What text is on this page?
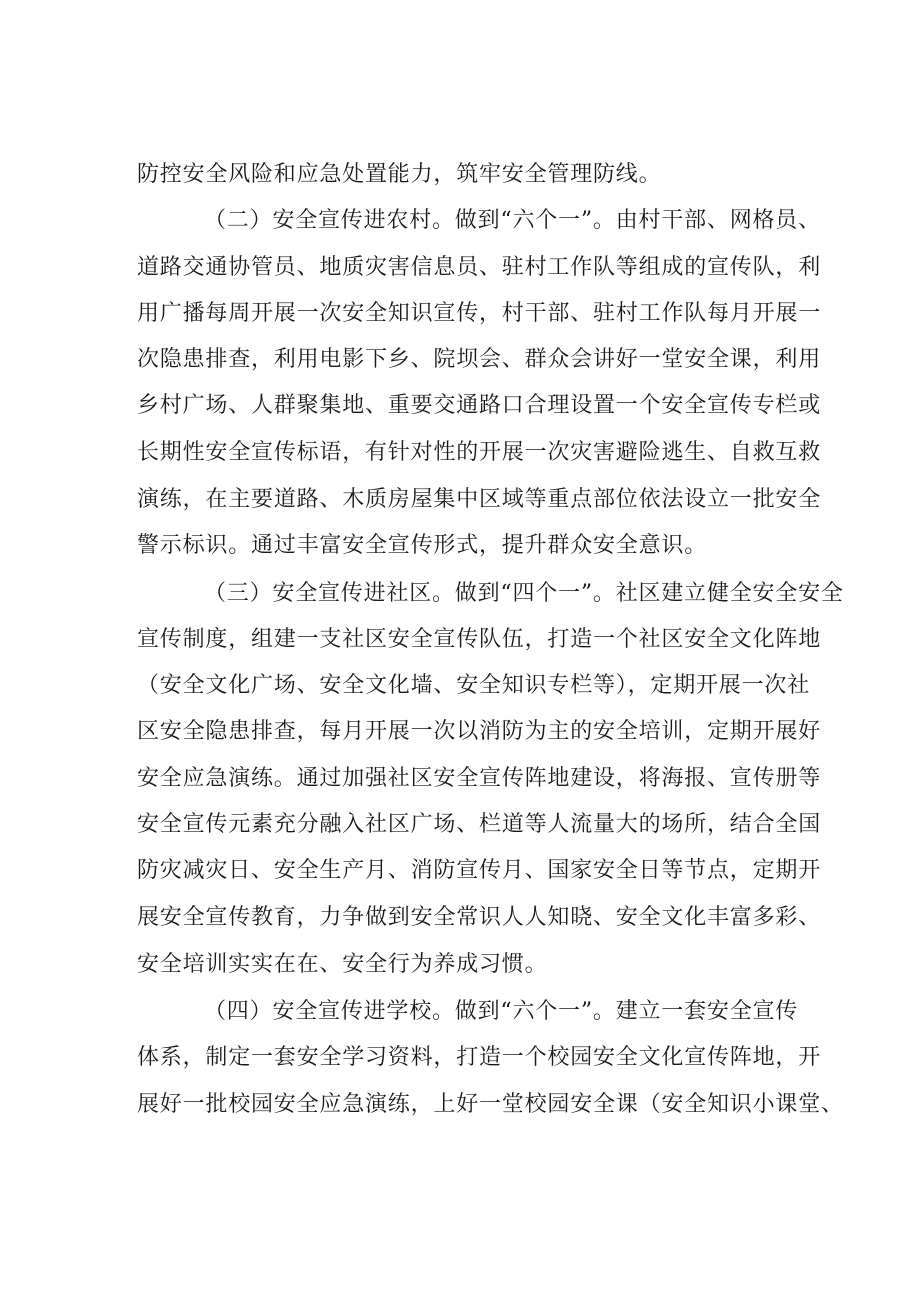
防控安全风险和应急处置能力，筑牢安全管理防线。
（二）安全宣传进农村。做到“六个一”。由村干部、网格员、
道路交通协管员、地质灾害信息员、驻村工作队等组成的宣传队，利
用广播每周开展一次安全知识宣传，村干部、驻村工作队每月开展一
次隐患排查，利用电影下乡、院坝会、群众会讲好一堂安全课，利用
乡村广场、人群聚集地、重要交通路口合理设置一个安全宣传专栏或
长期性安全宣传标语，有针对性的开展一次灾害避险逃生、自救互救
演练，在主要道路、木质房屋集中区域等重点部位依法设立一批安全
警示标识。通过丰富安全宣传形式，提升群众安全意识。
（三）安全宣传进社区。做到“四个一”。社区建立健全安全安全
宣传制度，组建一支社区安全宣传队伍，打造一个社区安全文化阵地
（安全文化广场、安全文化墙、安全知识专栏等），定期开展一次社
区安全隐患排查，每月开展一次以消防为主的安全培训，定期开展好
安全应急演练。通过加强社区安全宣传阵地建设，将海报、宣传册等
安全宣传元素充分融入社区广场、栏道等人流量大的场所，结合全国
防灾减灾日、安全生产月、消防宣传月、国家安全日等节点，定期开
展安全宣传教育，力争做到安全常识人人知晓、安全文化丰富多彩、
安全培训实实在在、安全行为养成习惯。
（四）安全宣传进学校。做到“六个一”。建立一套安全宣传
体系，制定一套安全学习资料，打造一个校园安全文化宣传阵地，开
展好一批校园安全应急演练，上好一堂校园安全课（安全知识小课堂、
